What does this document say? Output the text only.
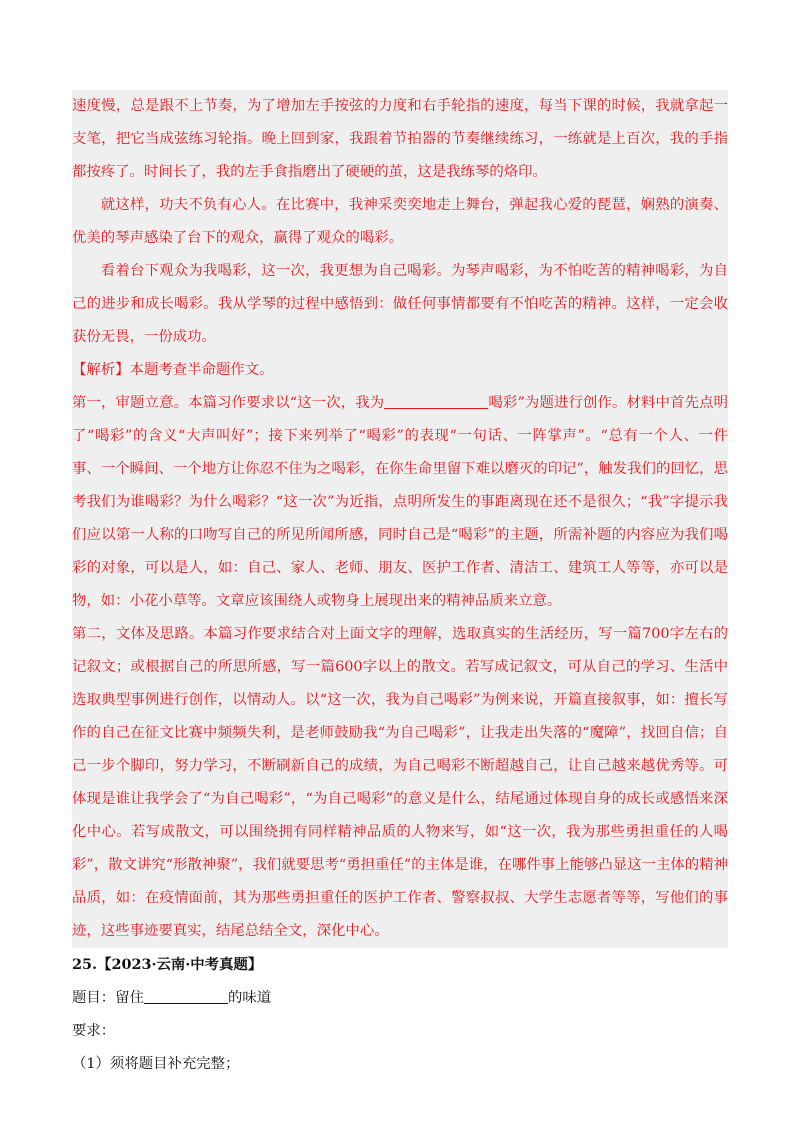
速度慢，总是跟不上节奏，为了增加左手按弦的力度和右手轮指的速度，每当下课的时候，我就拿起一支笔，把它当成弦练习轮指。晚上回到家，我跟着节拍器的节奏继续练习，一练就是上百次，我的手指都按疼了。时间长了，我的左手食指磨出了硬硬的茧，这是我练琴的烙印。

就这样，功夫不负有心人。在比赛中，我神采奕奕地走上舞台，弹起我心爱的琵琶，娴熟的演奏、优美的琴声感染了台下的观众，赢得了观众的喝彩。

看着台下观众为我喝彩，这一次，我更想为自己喝彩。为琴声喝彩，为不怕吃苦的精神喝彩，为自己的进步和成长喝彩。我从学琴的过程中感悟到：做任何事情都要有不怕吃苦的精神。这样，一定会收获份无畏，一份成功。

【解析】本题考查半命题作文。

第一，审题立意。本篇习作要求以“这一次，我为	喝彩”为题进行创作。材料中首先点明了“喝彩”的含义“大声叫好”；接下来列举了“喝彩”的表现“一句话、一阵掌声”。“总有一个人、一件事、一个瞬间、一个地方让你忍不住为之喝彩，在你生命里留下难以磨灭的印记”，触发我们的回忆，思考我们为谁喝彩？为什么喝彩？“这一次”为近指，点明所发生的事距离现在还不是很久；“我”字提示我们应以第一人称的口吻写自己的所见所闻所感，同时自己是“喝彩”的主题，所需补题的内容应为我们喝彩的对象，可以是人，如：自己、家人、老师、朋友、医护工作者、清洁工、建筑工人等等，亦可以是物，如：小花小草等。文章应该围绕人或物身上展现出来的精神品质来立意。

第二，文体及思路。本篇习作要求结合对上面文字的理解，选取真实的生活经历，写一篇700字左右的记叙文；或根据自己的所思所感，写一篇600字以上的散文。若写成记叙文，可从自己的学习、生活中选取典型事例进行创作，以情动人。以“这一次，我为自己喝彩”为例来说，开篇直接叙事，如：擅长写作的自己在征文比赛中频频失利，是老师鼓励我“为自己喝彩”，让我走出失落的“魔障”，找回自信；自己一步个脚印，努力学习，不断刷新自己的成绩，为自己喝彩不断超越自己，让自己越来越优秀等。可体现是谁让我学会了“为自己喝彩”，“为自己喝彩”的意义是什么，结尾通过体现自身的成长或感悟来深化中心。若写成散文，可以围绕拥有同样精神品质的人物来写，如“这一次，我为那些勇担重任的人喝彩”，散文讲究“形散神聚”，我们就要思考“勇担重任”的主体是谁，在哪件事上能够凸显这一主体的精神品质，如：在疫情面前，其为那些勇担重任的医护工作者、警察叔叔、大学生志愿者等等，写他们的事迹，这些事迹要真实，结尾总结全文，深化中心。

25.【2023·云南·中考真题】

题目：留住	的味道

要求：

（1）须将题目补充完整；
